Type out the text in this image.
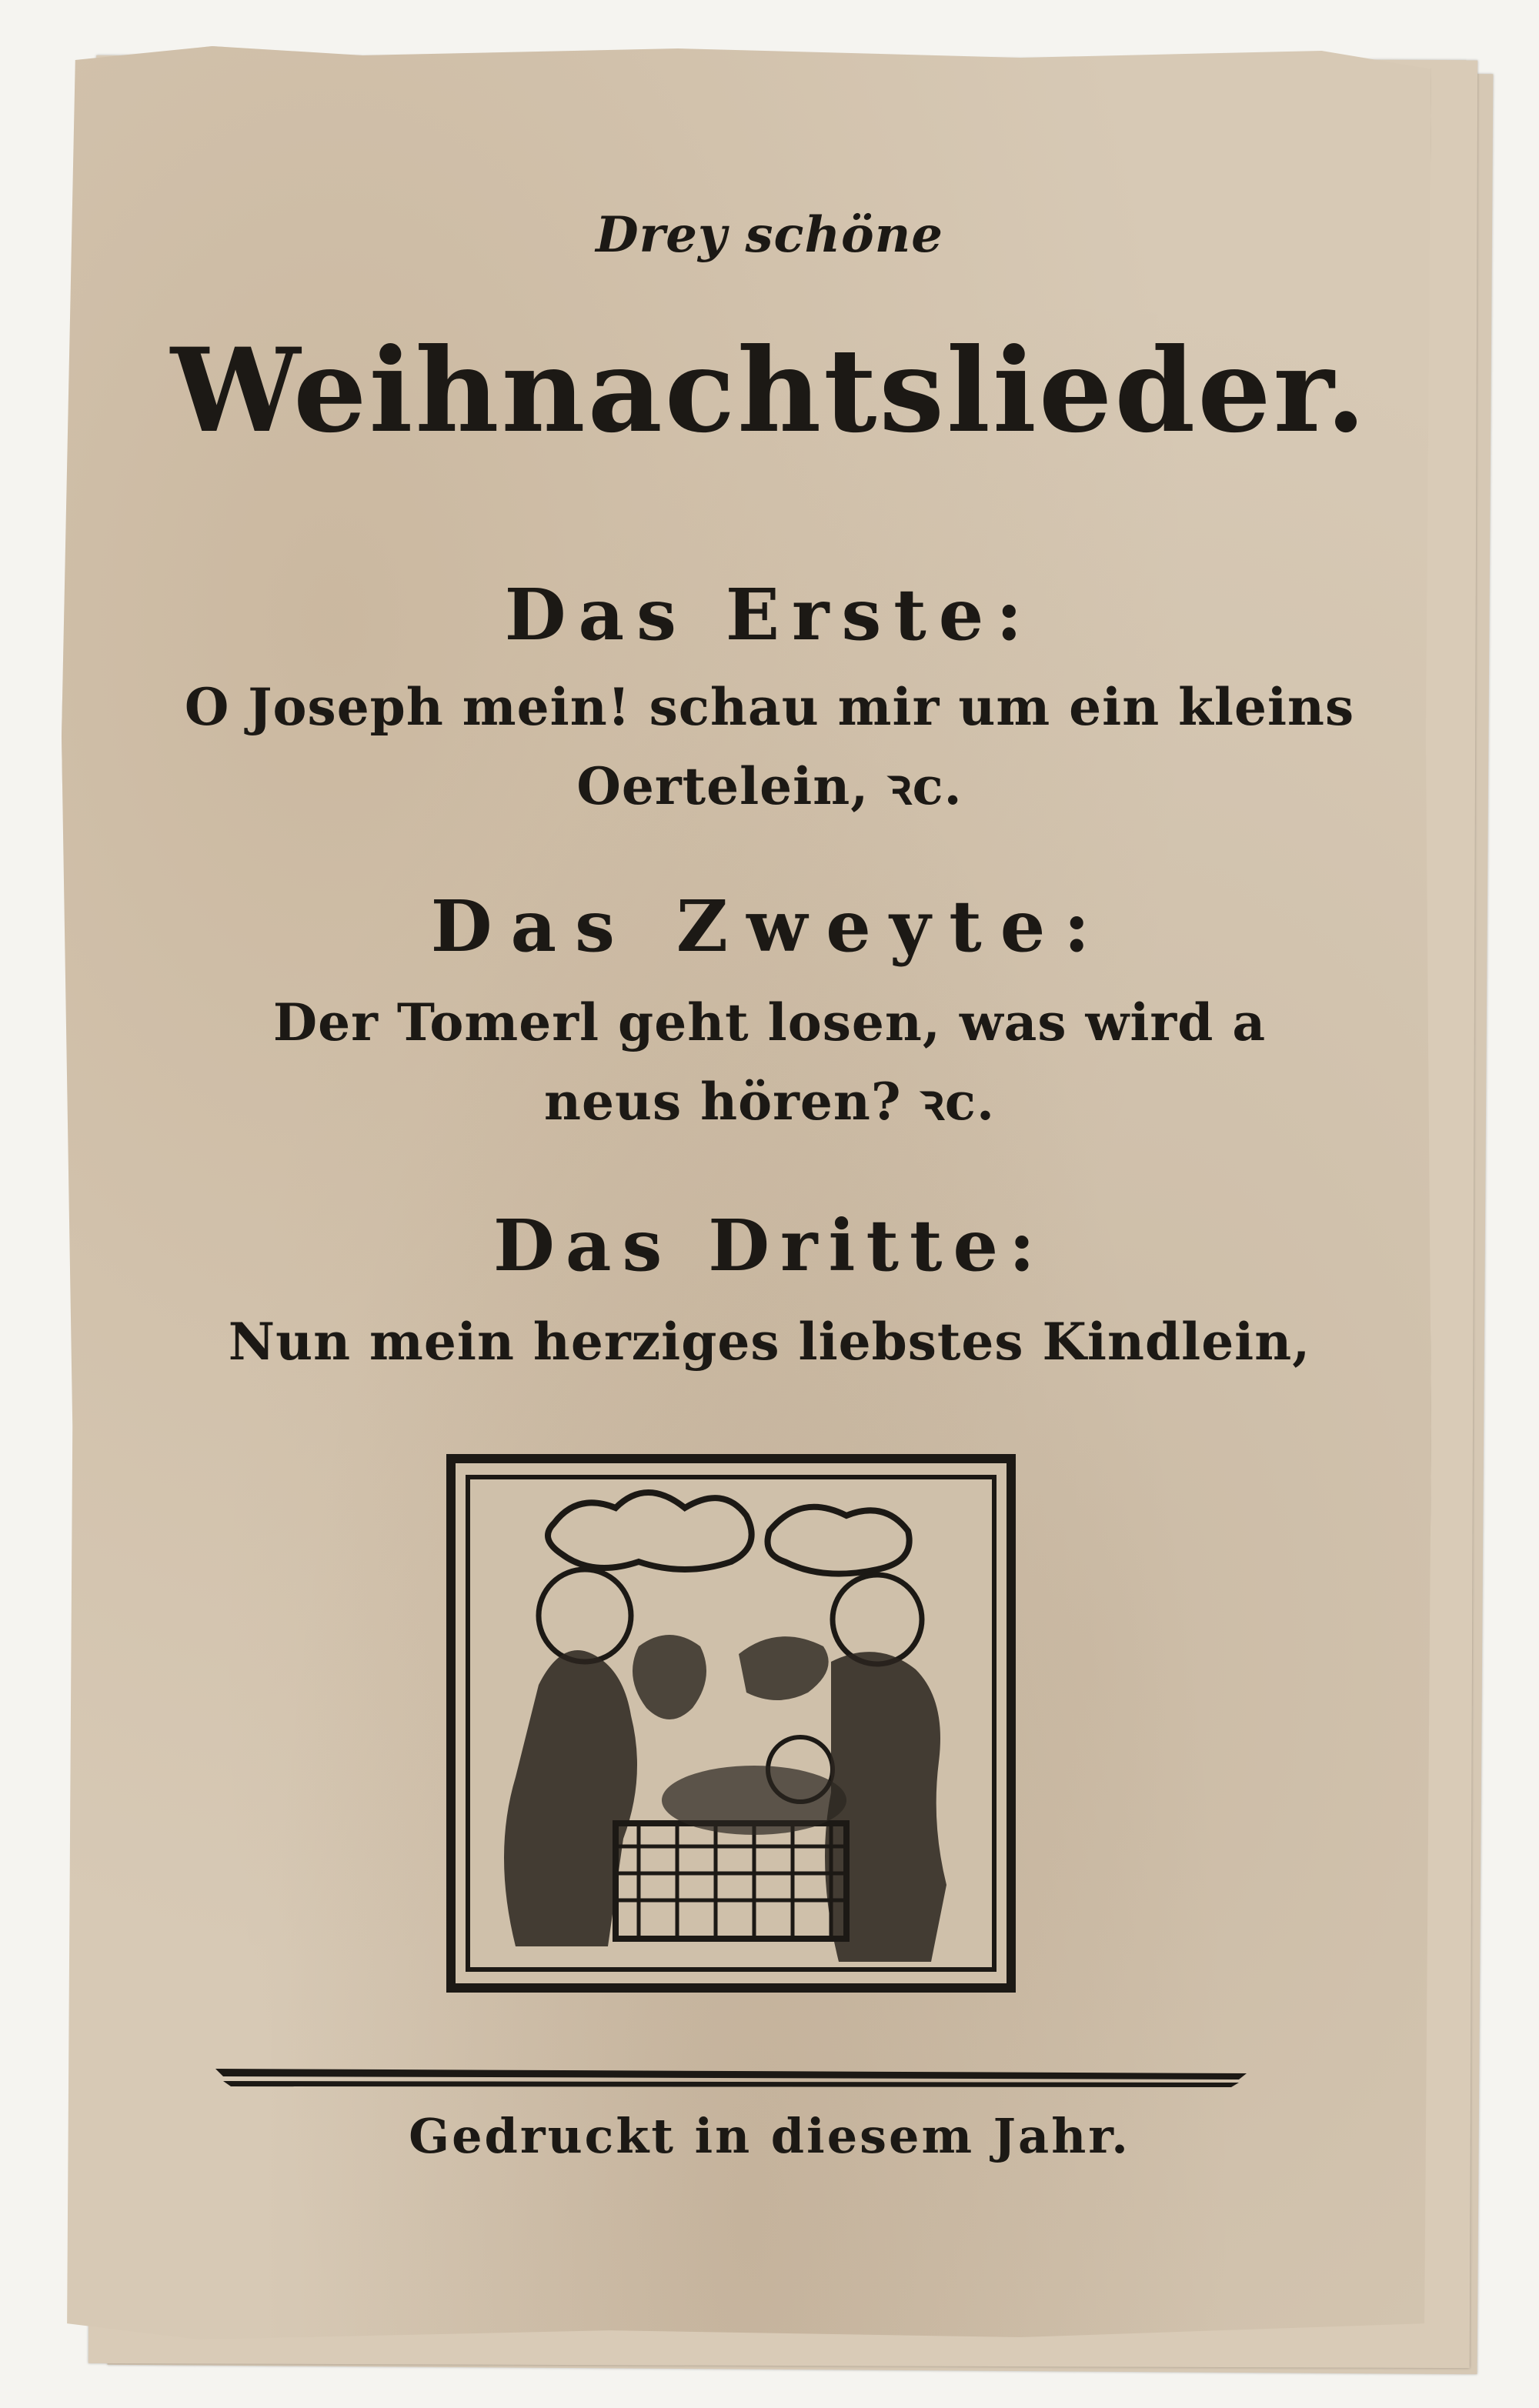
Drey schöne
Weihnachtslieder.
Das Erste:
O Joseph mein! schau mir um ein kleins
Oertelein, ꝛc.
Das Zweyte:
Der Tomerl geht losen, was wird a
neus hören? ꝛc.
Das Dritte:
Nun mein herziges liebstes Kindlein,
Gedruckt in diesem Jahr.
